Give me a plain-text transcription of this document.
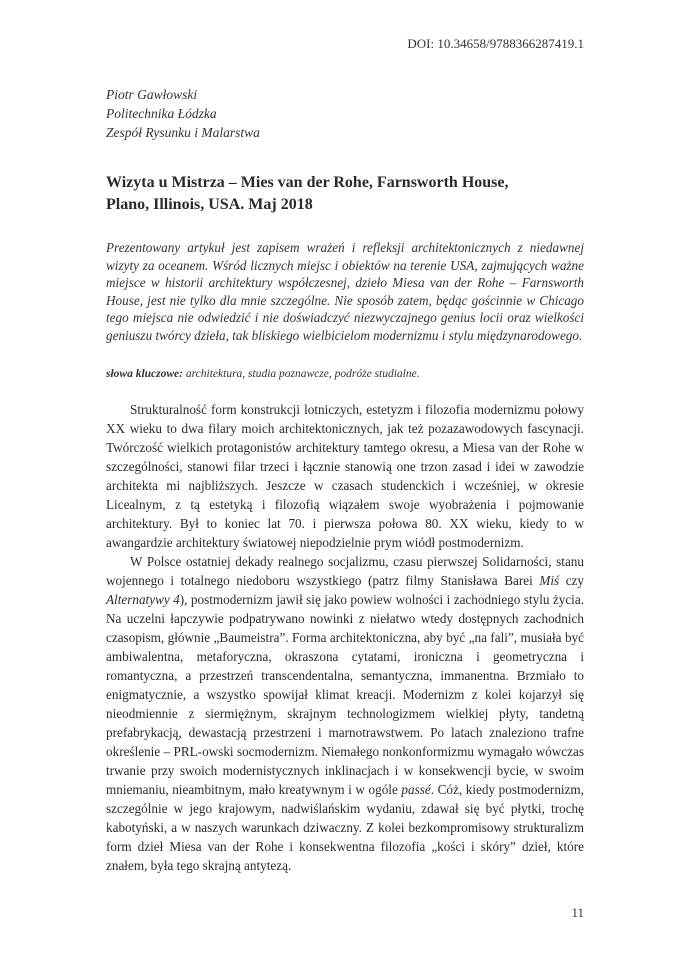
DOI: 10.34658/9788366287419.1
Piotr Gawłowski
Politechnika Łódzka
Zespół Rysunku i Malarstwa
Wizyta u Mistrza – Mies van der Rohe, Farnsworth House,
Plano, Illinois, USA. Maj 2018
Prezentowany artykuł jest zapisem wrażeń i refleksji architektonicznych z niedawnej wizyty za oceanem. Wśród licznych miejsc i obiektów na terenie USA, zajmujących ważne miejsce w historii architektury współczesnej, dzieło Miesa van der Rohe – Farnsworth House, jest nie tylko dla mnie szczególne. Nie sposób zatem, będąc gościnnie w Chicago tego miejsca nie odwiedzić i nie doświadczyć niezwyczajnego genius locii oraz wielkości geniuszu twórcy dzieła, tak bliskiego wielbicielom modernizmu i stylu międzynarodowego.
słowa kluczowe: architektura, studia poznawcze, podróże studialne.

Strukturalność form konstrukcji lotniczych, estetyzm i filozofia modernizmu połowy XX wieku to dwa filary moich architektonicznych, jak też pozazawodowych fascynacji. Twórczość wielkich protagonistów architektury tamtego okresu, a Miesa van der Rohe w szczególności, stanowi filar trzeci i łącznie stanowią one trzon zasad i idei w zawodzie architekta mi najbliższych. Jeszcze w czasach studenckich i wcześniej, w okresie Licealnym, z tą estetyką i filozofią wiązałem swoje wyobrażenia i pojmowanie architektury. Był to koniec lat 70. i pierwsza połowa 80. XX wieku, kiedy to w awangardzie architektury światowej niepodzielnie prym wiódł postmodernizm.

W Polsce ostatniej dekady realnego socjalizmu, czasu pierwszej Solidarności, stanu wojennego i totalnego niedoboru wszystkiego (patrz filmy Stanisława Barei Miś czy Alternatywy 4), postmodernizm jawił się jako powiew wolności i zachodniego stylu życia. Na uczelni łapczywie podpatrywano nowinki z niełatwo wtedy dostępnych zachodnich czasopism, głównie „Baumeistra”. Forma architektoniczna, aby być „na fali”, musiała być ambiwalentna, metaforyczna, okraszona cytatami, ironiczna i geometryczna i romantyczna, a przestrzeń transcendentalna, semantyczna, immanentna. Brzmiało to enigmatycznie, a wszystko spowijał klimat kreacji. Modernizm z kolei kojarzył się nieodmiennie z siermiężnym, skrajnym technologizmem wielkiej płyty, tandetną prefabrykacją, dewastacją przestrzeni i marnotrawstwem. Po latach znaleziono trafne określenie – PRL-owski socmodernizm. Niemałego nonkonformizmu wymagało wówczas trwanie przy swoich modernistycznych inklinacjach i w konsekwencji bycie, w swoim mniemaniu, nieambitnym, mało kreatywnym i w ogóle passé. Cóż, kiedy postmodernizm, szczególnie w jego krajowym, nadwiślańskim wydaniu, zdawał się być płytki, trochę kabotyński, a w naszych warunkach dziwaczny. Z kolei bezkompromisowy strukturalizm form dzieł Miesa van der Rohe i konsekwentna filozofia „kości i skóry” dzieł, które znałem, była tego skrajną antytezą.

11
